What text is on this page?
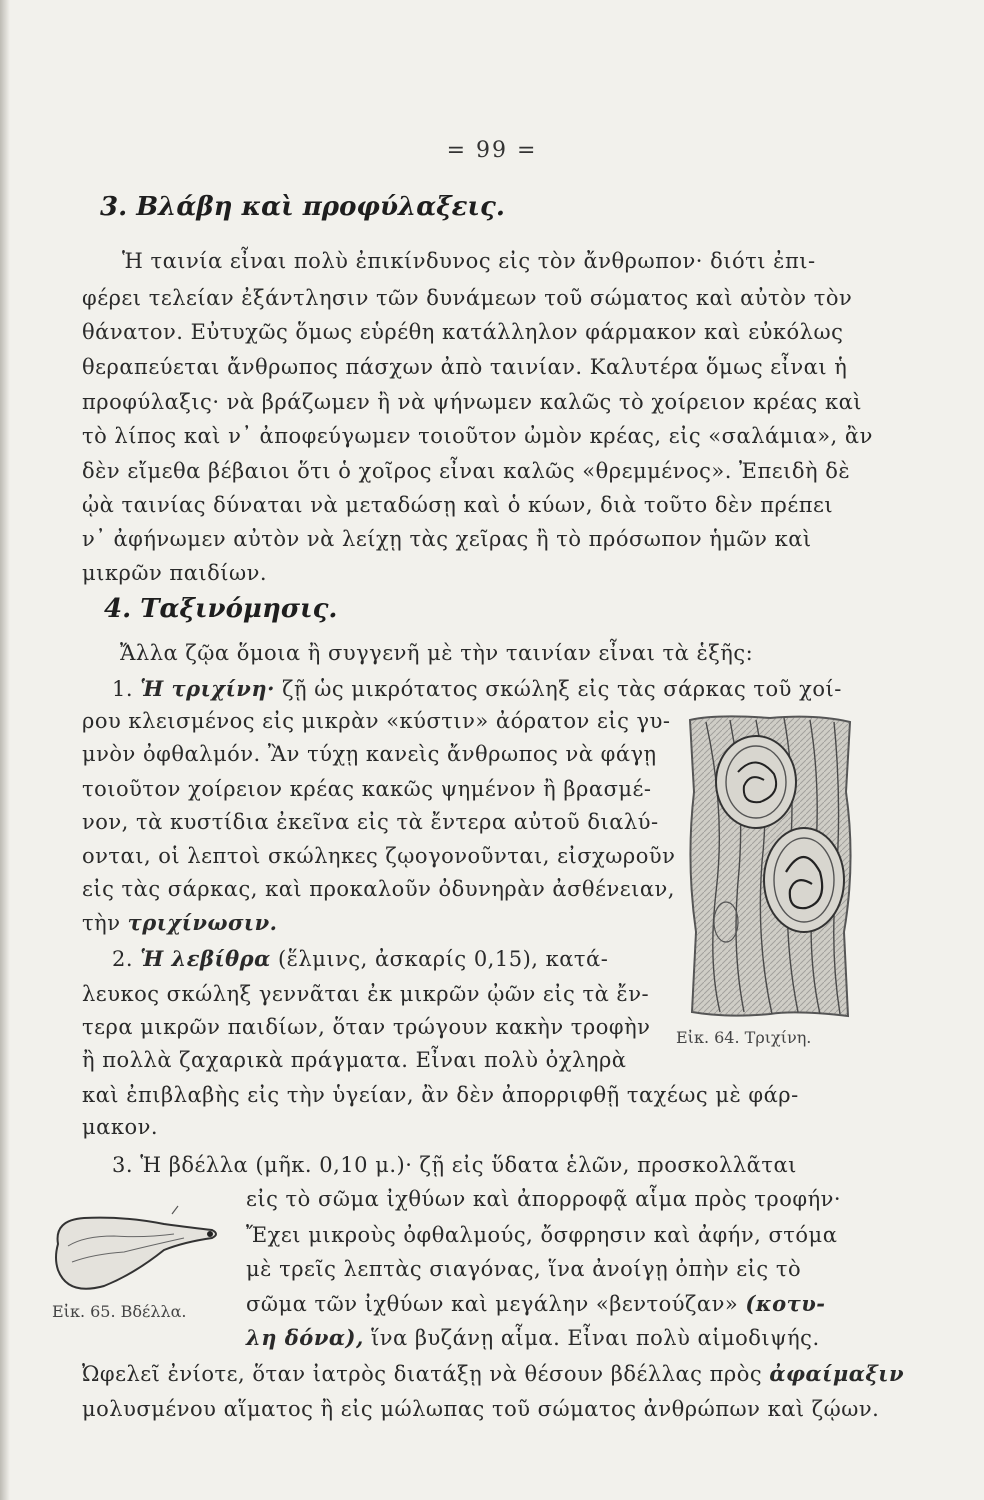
= 99 =
3. Βλάβη καὶ προφύλαξεις.
Ἡ ταινία εἶναι πολὺ ἐπικίνδυνος εἰς τὸν ἄνθρωπον· διότι ἐπι-
φέρει τελείαν ἐξάντλησιν τῶν δυνάμεων τοῦ σώματος καὶ αὐτὸν τὸν
θάνατον. Εὐτυχῶς ὅμως εὑρέθη κατάλληλον φάρμακον καὶ εὐκόλως
θεραπεύεται ἄνθρωπος πάσχων ἀπὸ ταινίαν. Καλυτέρα ὅμως εἶναι ἡ
προφύλαξις· νὰ βράζωμεν ἢ νὰ ψήνωμεν καλῶς τὸ χοίρειον κρέας καὶ
τὸ λίπος καὶ ν᾿ ἀποφεύγωμεν τοιοῦτον ὠμὸν κρέας, εἰς «σαλάμια», ἂν
δὲν εἴμεθα βέβαιοι ὅτι ὁ χοῖρος εἶναι καλῶς «θρεμμένος». Ἐπειδὴ δὲ
ᾠὰ ταινίας δύναται νὰ μεταδώσῃ καὶ ὁ κύων, διὰ τοῦτο δὲν πρέπει
ν᾿ ἀφήνωμεν αὐτὸν νὰ λείχῃ τὰς χεῖρας ἢ τὸ πρόσωπον ἡμῶν καὶ
μικρῶν παιδίων.
4. Ταξινόμησις.
Ἄλλα ζῷα ὅμοια ἢ συγγενῆ μὲ τὴν ταινίαν εἶναι τὰ ἑξῆς:
1. Ἡ τριχίνη· ζῇ ὡς μικρότατος σκώληξ εἰς τὰς σάρκας τοῦ χοί-
ρου κλεισμένος εἰς μικρὰν «κύστιν» ἀόρατον εἰς γυ-
μνὸν ὀφθαλμόν. Ἂν τύχῃ κανεὶς ἄνθρωπος νὰ φάγῃ
τοιοῦτον χοίρειον κρέας κακῶς ψημένον ἢ βρασμέ-
νον, τὰ κυστίδια ἐκεῖνα εἰς τὰ ἔντερα αὐτοῦ διαλύ-
ονται, οἱ λεπτοὶ σκώληκες ζῳογονοῦνται, εἰσχωροῦν
εἰς τὰς σάρκας, καὶ προκαλοῦν ὀδυνηρὰν ἀσθένειαν,
τὴν τριχίνωσιν.
2. Ἡ λεβίθρα (ἕλμινς, ἀσκαρίς 0,15), κατά-
λευκος σκώληξ γεννᾶται ἐκ μικρῶν ᾠῶν εἰς τὰ ἔν-
τερα μικρῶν παιδίων, ὅταν τρώγουν κακὴν τροφὴν
ἢ πολλὰ ζαχαρικὰ πράγματα. Εἶναι πολὺ ὀχληρὰ
καὶ ἐπιβλαβὴς εἰς τὴν ὑγείαν, ἂν δὲν ἀπορριφθῇ ταχέως μὲ φάρ-
μακον.
3. Ἡ βδέλλα (μῆκ. 0,10 μ.)· ζῇ εἰς ὕδατα ἑλῶν, προσκολλᾶται
εἰς τὸ σῶμα ἰχθύων καὶ ἀπορροφᾷ αἷμα πρὸς τροφήν·
Ἔχει μικροὺς ὀφθαλμούς, ὄσφρησιν καὶ ἀφήν, στόμα
μὲ τρεῖς λεπτὰς σιαγόνας, ἵνα ἀνοίγῃ ὀπὴν εἰς τὸ
σῶμα τῶν ἰχθύων καὶ μεγάλην «βεντούζαν» (κοτυ-
λη δόνα), ἵνα βυζάνῃ αἷμα. Εἶναι πολὺ αἱμοδιψής.
Ὠφελεῖ ἐνίοτε, ὅταν ἰατρὸς διατάξῃ νὰ θέσουν βδέλλας πρὸς ἀφαίμαξιν
μολυσμένου αἵματος ἢ εἰς μώλωπας τοῦ σώματος ἀνθρώπων καὶ ζῴων.
Εἰκ. 64. Τριχίνη.
Εἰκ. 65. Βδέλλα.
